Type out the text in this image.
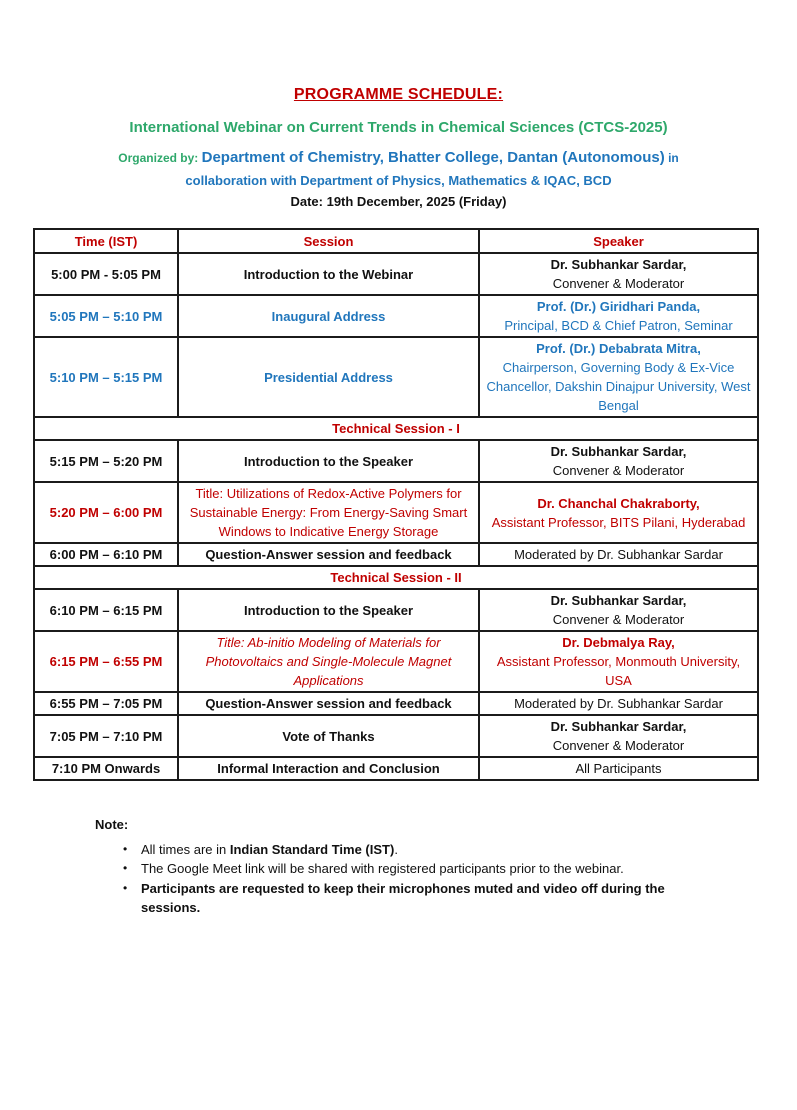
PROGRAMME SCHEDULE:
International Webinar on Current Trends in Chemical Sciences (CTCS-2025)
Organized by: Department of Chemistry, Bhatter College, Dantan (Autonomous) in
collaboration with Department of Physics, Mathematics & IQAC, BCD
Date: 19th December, 2025 (Friday)
Time (IST)	Session	Speaker
5:00 PM - 5:05 PM	Introduction to the Webinar	Dr. Subhankar Sardar,
Convener & Moderator

5:05 PM – 5:10 PM	Inaugural Address	Prof. (Dr.) Giridhari Panda,
Principal, BCD & Chief Patron, Seminar

5:10 PM – 5:15 PM	Presidential Address	Prof. (Dr.) Debabrata Mitra,
Chairperson, Governing Body & Ex-Vice Chancellor, Dakshin Dinajpur University, West Bengal

Technical Session - I		
5:15 PM – 5:20 PM	Introduction to the Speaker	Dr. Subhankar Sardar,
Convener & Moderator

5:20 PM – 6:00 PM	Title: Utilizations of Redox-Active Polymers for Sustainable Energy: From Energy-Saving Smart Windows to Indicative Energy Storage	Dr. Chanchal Chakraborty,
Assistant Professor, BITS Pilani, Hyderabad

6:00 PM – 6:10 PM	Question-Answer session and feedback	Moderated by Dr. Subhankar Sardar

Technical Session - II		
6:10 PM – 6:15 PM	Introduction to the Speaker	Dr. Subhankar Sardar,
Convener & Moderator

6:15 PM – 6:55 PM	Title: Ab-initio Modeling of Materials for Photovoltaics and Single-Molecule Magnet Applications	Dr. Debmalya Ray,
Assistant Professor, Monmouth University, USA

6:55 PM – 7:05 PM	Question-Answer session and feedback	Moderated by Dr. Subhankar Sardar

7:05 PM – 7:10 PM	Vote of Thanks	Dr. Subhankar Sardar,
Convener & Moderator

7:10 PM Onwards	Informal Interaction and Conclusion	All Participants
Note:
•	All times are in Indian Standard Time (IST).
•	The Google Meet link will be shared with registered participants prior to the webinar.
•	Participants are requested to keep their microphones muted and video off during the sessions.
